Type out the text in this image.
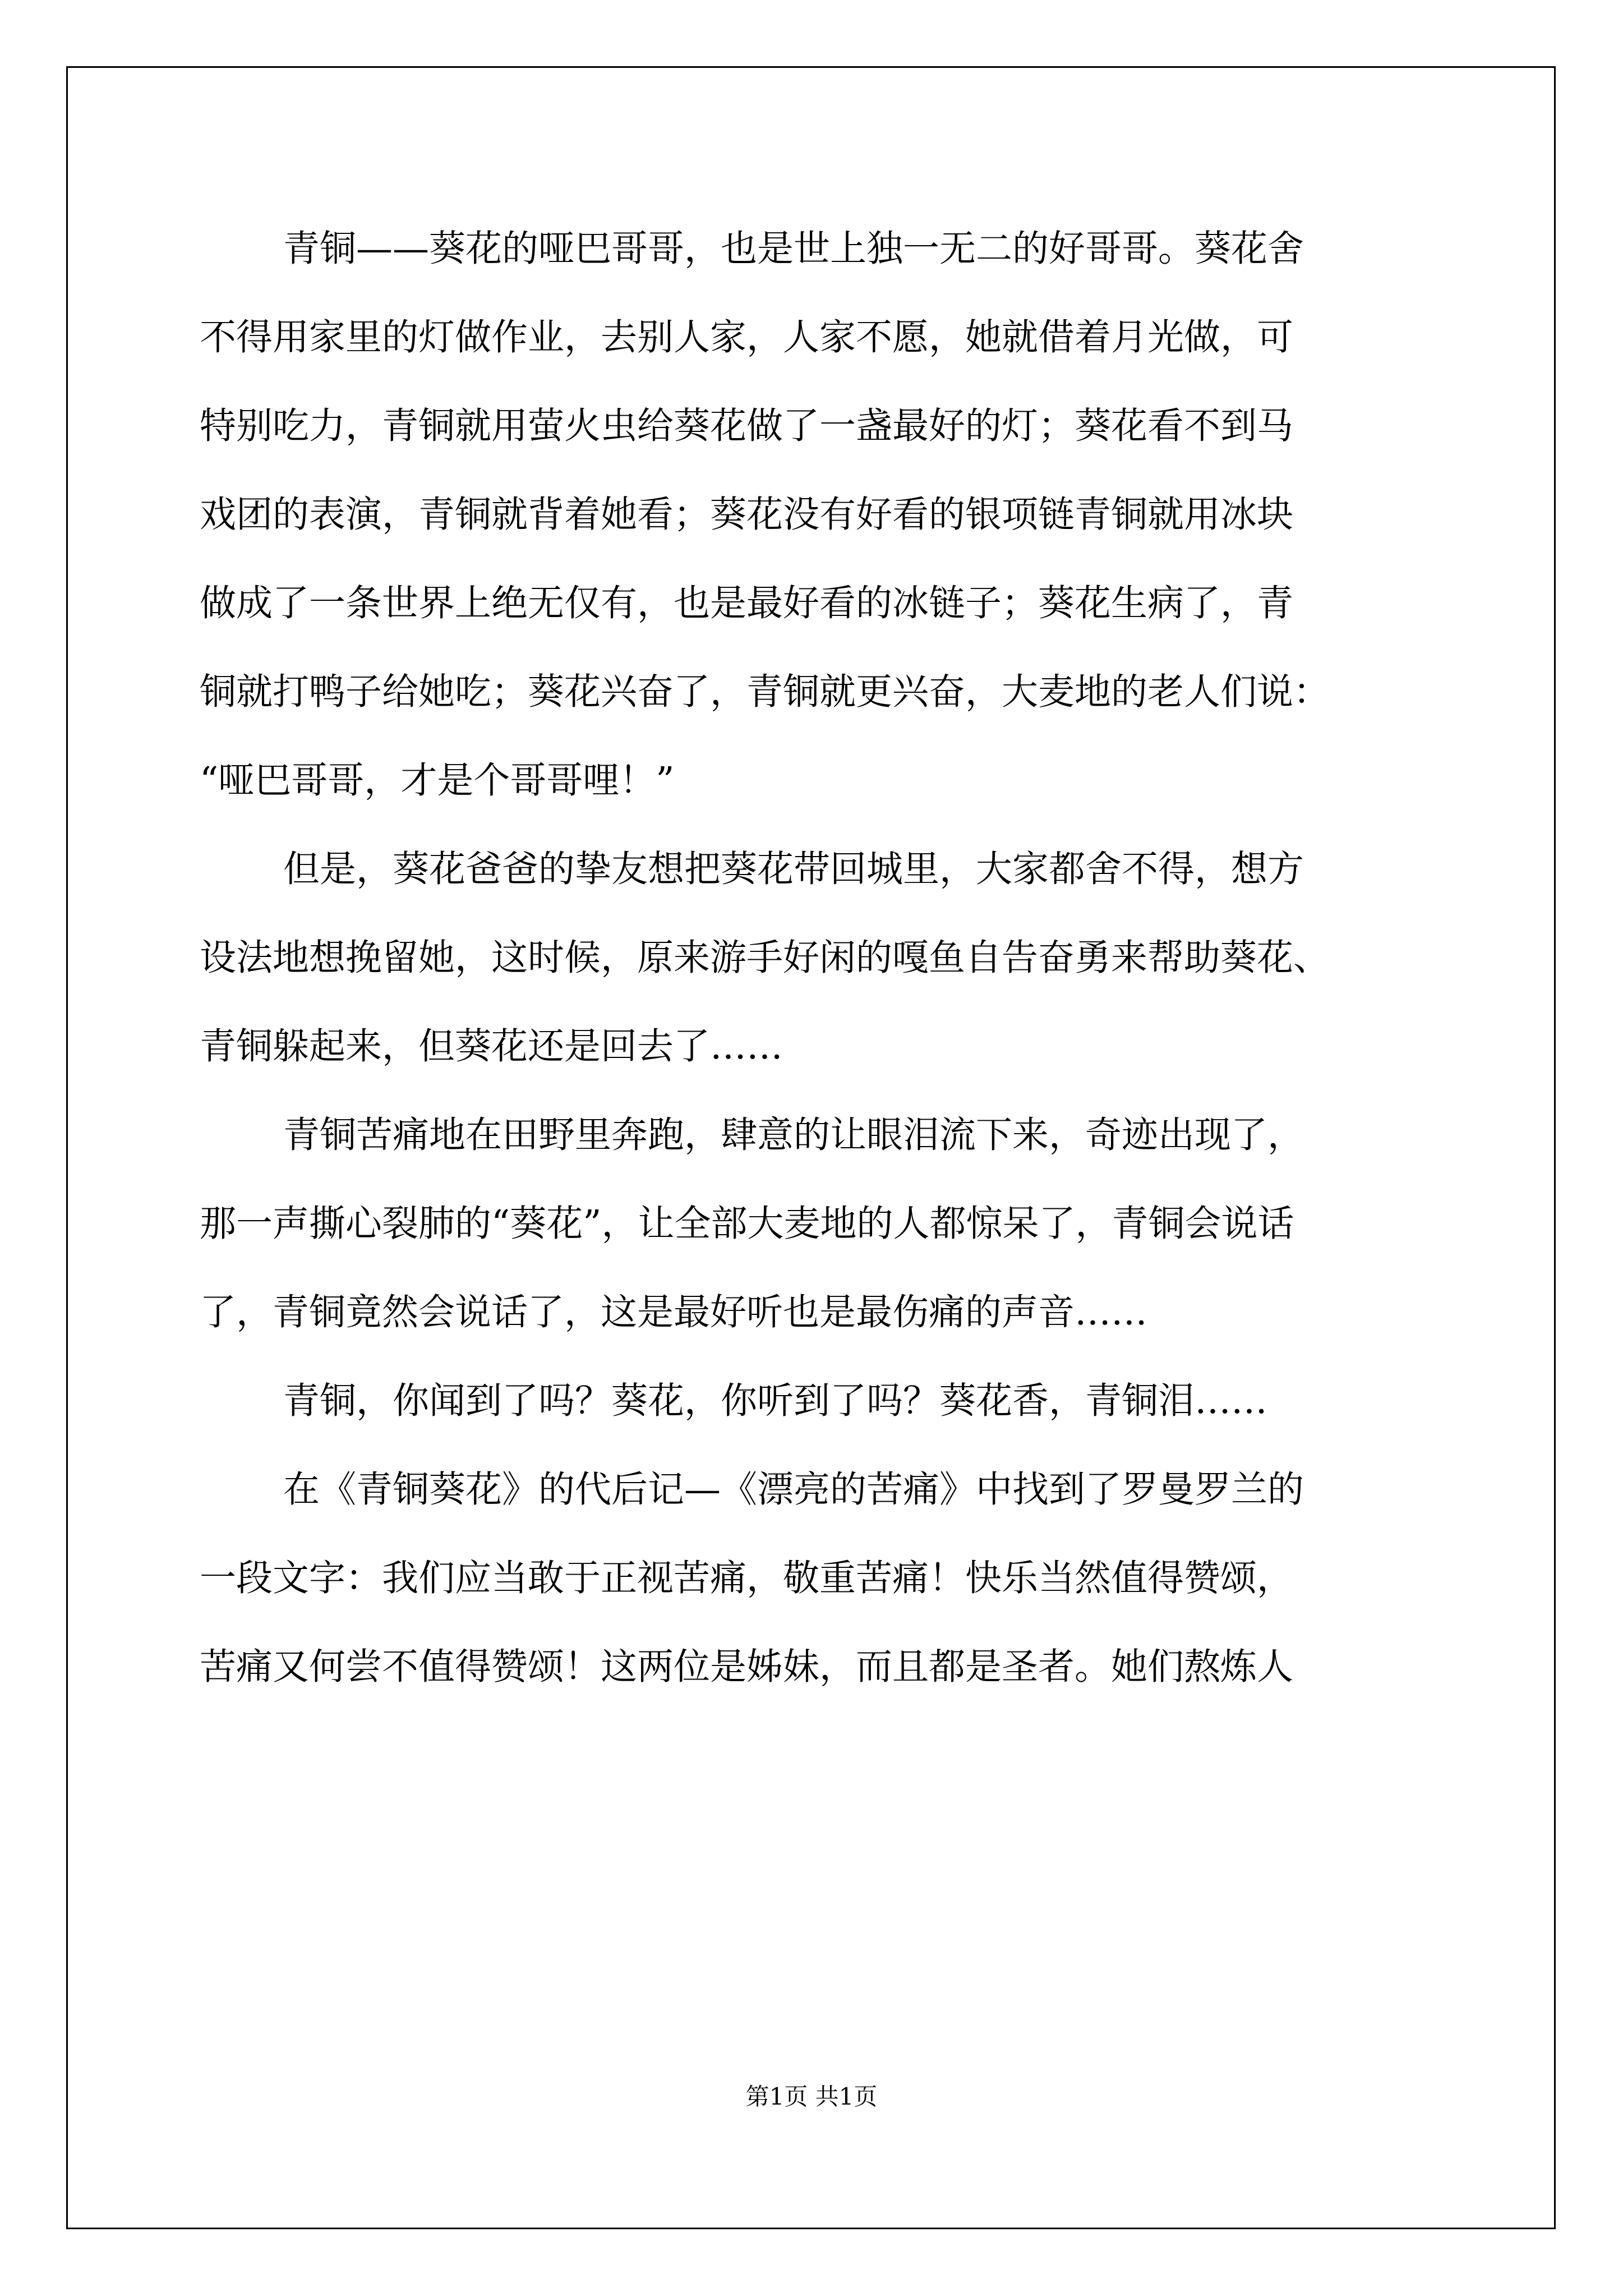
青铜——葵花的哑巴哥哥，也是世上独一无二的好哥哥。葵花舍
不得用家里的灯做作业，去别人家，人家不愿，她就借着月光做，可
特别吃力，青铜就用萤火虫给葵花做了一盏最好的灯；葵花看不到马
戏团的表演，青铜就背着她看；葵花没有好看的银项链青铜就用冰块
做成了一条世界上绝无仅有，也是最好看的冰链子；葵花生病了，青
铜就打鸭子给她吃；葵花兴奋了，青铜就更兴奋，大麦地的老人们说：
“哑巴哥哥，才是个哥哥哩！”
但是，葵花爸爸的挚友想把葵花带回城里，大家都舍不得，想方
设法地想挽留她，这时候，原来游手好闲的嘎鱼自告奋勇来帮助葵花、
青铜躲起来，但葵花还是回去了……
青铜苦痛地在田野里奔跑，肆意的让眼泪流下来，奇迹出现了，
那一声撕心裂肺的“葵花”，让全部大麦地的人都惊呆了，青铜会说话
了，青铜竟然会说话了，这是最好听也是最伤痛的声音……
青铜，你闻到了吗？葵花，你听到了吗？葵花香，青铜泪……
在《青铜葵花》的代后记—《漂亮的苦痛》中找到了罗曼罗兰的
一段文字：我们应当敢于正视苦痛，敬重苦痛！快乐当然值得赞颂，
苦痛又何尝不值得赞颂！这两位是姊妹，而且都是圣者。她们熬炼人
第1页 共1页
